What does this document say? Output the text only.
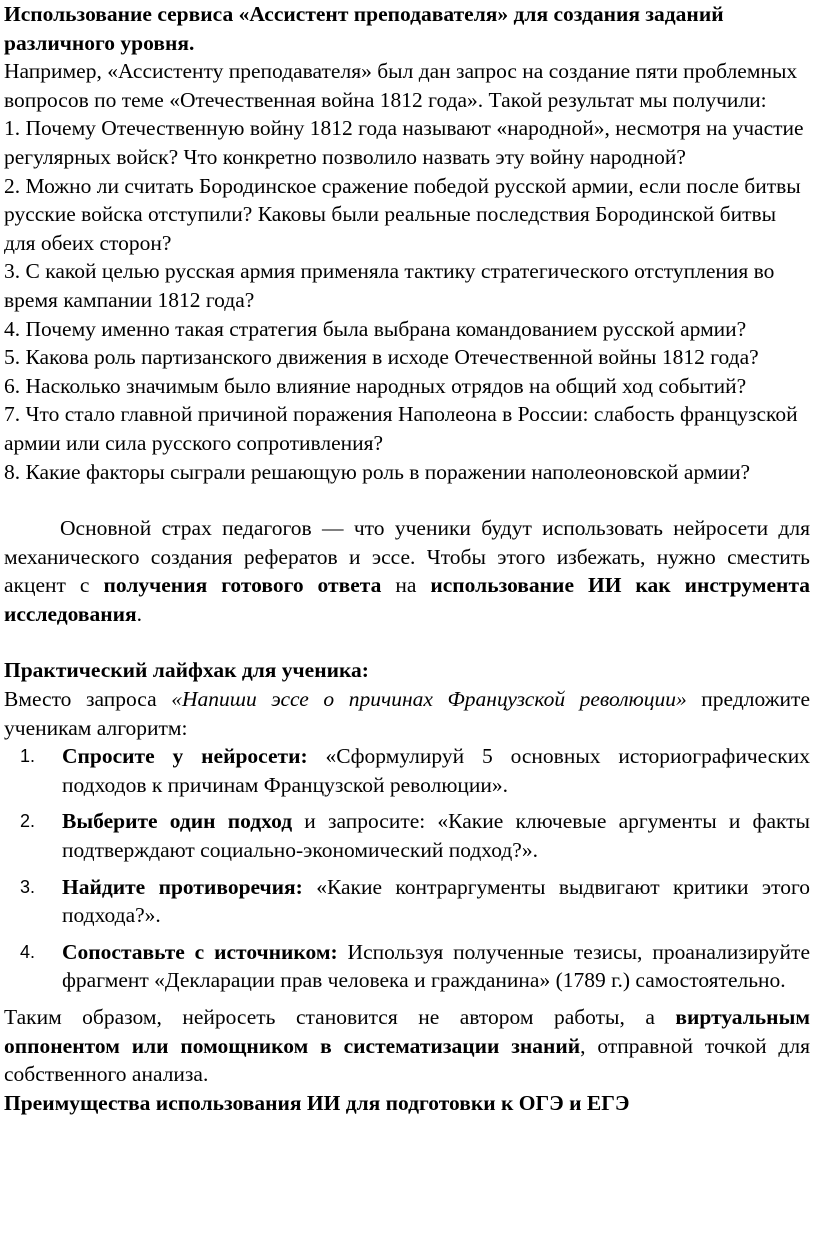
Использование сервиса «Ассистент преподавателя» для создания заданий различного уровня.

Например, «Ассистенту преподавателя» был дан запрос на создание пяти проблемных вопросов по теме «Отечественная война 1812 года». Такой результат мы получили:

1. Почему Отечественную войну 1812 года называют «народной», несмотря на участие регулярных войск? Что конкретно позволило назвать эту войну народной?

2. Можно ли считать Бородинское сражение победой русской армии, если после битвы русские войска отступили? Каковы были реальные последствия Бородинской битвы для обеих сторон?

3. С какой целью русская армия применяла тактику стратегического отступления во время кампании 1812 года?

4. Почему именно такая стратегия была выбрана командованием русской армии?

5. Какова роль партизанского движения в исходе Отечественной войны 1812 года?

6. Насколько значимым было влияние народных отрядов на общий ход событий?

7. Что стало главной причиной поражения Наполеона в России: слабость французской армии или сила русского сопротивления?

8. Какие факторы сыграли решающую роль в поражении наполеоновской армии?

Основной страх педагогов — что ученики будут использовать нейросети для механического создания рефератов и эссе. Чтобы этого избежать, нужно сместить акцент с получения готового ответа на использование ИИ как инструмента исследования.

Практический лайфхак для ученика:

Вместо запроса «Напиши эссе о причинах Французской революции» предложите ученикам алгоритм:

1. Спросите у нейросети: «Сформулируй 5 основных историографических подходов к причинам Французской революции».
2. Выберите один подход и запросите: «Какие ключевые аргументы и факты подтверждают социально-экономический подход?».
3. Найдите противоречия: «Какие контраргументы выдвигают критики этого подхода?».
4. Сопоставьте с источником: Используя полученные тезисы, проанализируйте фрагмент «Декларации прав человека и гражданина» (1789 г.) самостоятельно.

Таким образом, нейросеть становится не автором работы, а виртуальным оппонентом или помощником в систематизации знаний, отправной точкой для собственного анализа.

Преимущества использования ИИ для подготовки к ОГЭ и ЕГЭ
